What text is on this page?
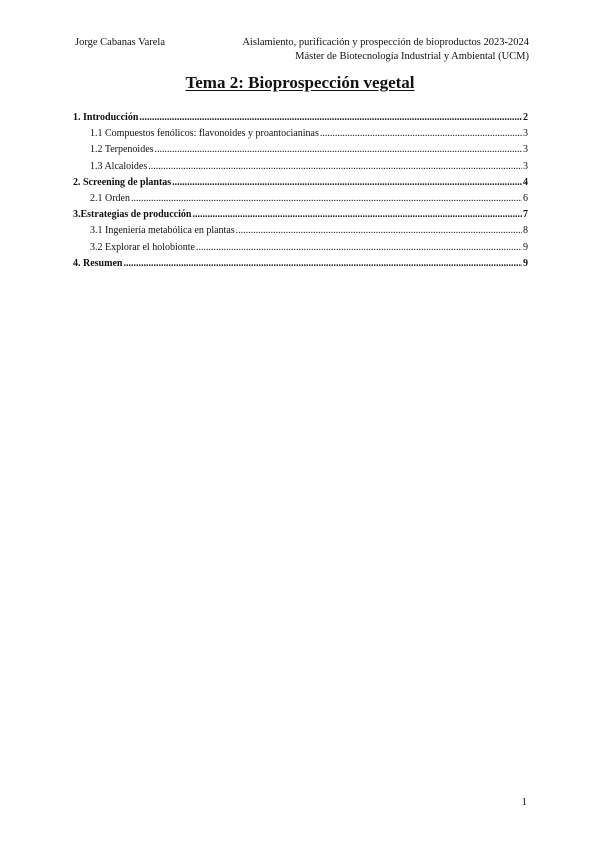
Jorge Cabanas Varela	Aislamiento, purificación y prospección de bioproductos 2023-2024
Máster de Biotecnología Industrial y Ambiental (UCM)
Tema 2: Bioprospección vegetal
1. Introducción .....	2
1.1 Compuestos fenólicos: flavonoides y proantocianinas .....	3
1.2 Terpenoides .....	3
1.3 Alcaloides .....	3
2. Screening de plantas .....	4
2.1 Orden .....	6
3.Estrategias de producción .....	7
3.1 Ingeniería metabólica en plantas .....	8
3.2 Explorar el holobionte .....	9
4. Resumen .....	9
1
